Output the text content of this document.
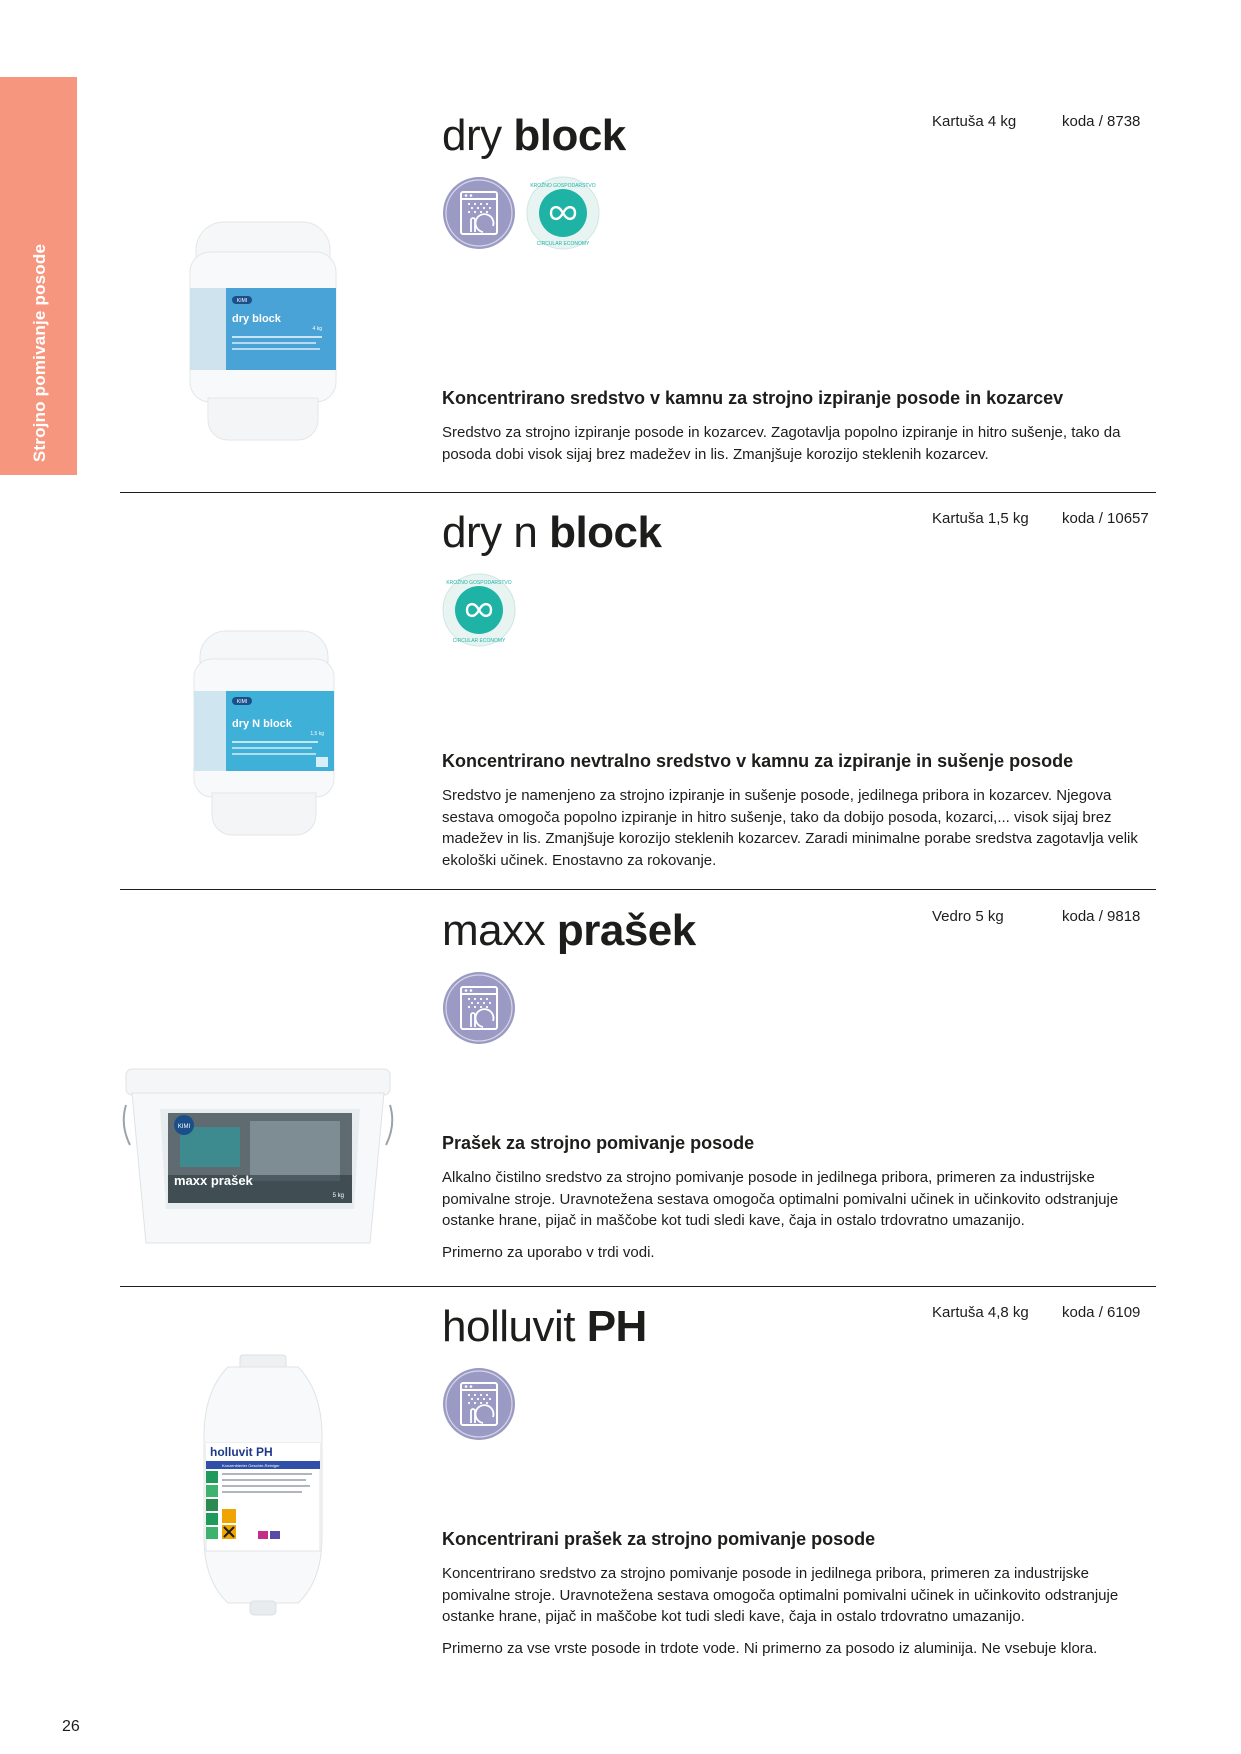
Strojno pomivanje posode	KIMI
dry block
4 kg
dry block	Kartuša 4 kg	koda / 8738
KROŽNO GOSPODARSTVO
CIRCULAR ECONOMY
Koncentrirano sredstvo v kamnu za strojno izpiranje posode in kozarcev

Sredstvo za strojno izpiranje posode in kozarcev. Zagotavlja popolno izpiranje in hitro sušenje, tako da posoda dobi visok sijaj brez madežev in lis. Zmanjšuje korozijo steklenih kozarcev.

KIMI
dry N block
1,5 kg
dry n block	Kartuša 1,5 kg koda / 10657
KROŽNO GOSPODARSTVO
CIRCULAR ECONOMY
Koncentrirano nevtralno sredstvo v kamnu za izpiranje in sušenje posode

Sredstvo je namenjeno za strojno izpiranje in sušenje posode, jedilnega pribora in kozarcev. Njegova sestava omogoča popolno izpiranje in hitro sušenje, tako da dobijo posoda, kozarci,... visok sijaj brez madežev in lis. Zmanjšuje korozijo steklenih kozarcev. Zaradi minimalne porabe sredstva zagotavlja velik ekološki učinek. Enostavno za rokovanje.

KIMI
maxx prašek
5 kg
maxx prašek	Vedro 5 kg	koda / 9818
Prašek za strojno pomivanje posode

Alkalno čistilno sredstvo za strojno pomivanje posode in jedilnega pribora, primeren za industrijske pomivalne stroje. Uravnotežena sestava omogoča optimalni pomivalni učinek in učinkovito odstranjuje ostanke hrane, pijač in maščobe kot tudi sledi kave, čaja in ostalo trdovratno umazanijo.

Primerno za uporabo v trdi vodi.

holluvit PH
Konzentrierter Geschirr-Reiniger
holluvit PH	Kartuša 4,8 kg koda / 6109
Koncentrirani prašek za strojno pomivanje posode

Koncentrirano sredstvo za strojno pomivanje posode in jedilnega pribora, primeren za industrijske pomivalne stroje. Uravnotežena sestava omogoča optimalni pomivalni učinek in učinkovito odstranjuje ostanke hrane, pijač in maščobe kot tudi sledi kave, čaja in ostalo trdovratno umazanijo.

Primerno za vse vrste posode in trdote vode. Ni primerno za posodo iz aluminija. Ne vsebuje klora.

26
